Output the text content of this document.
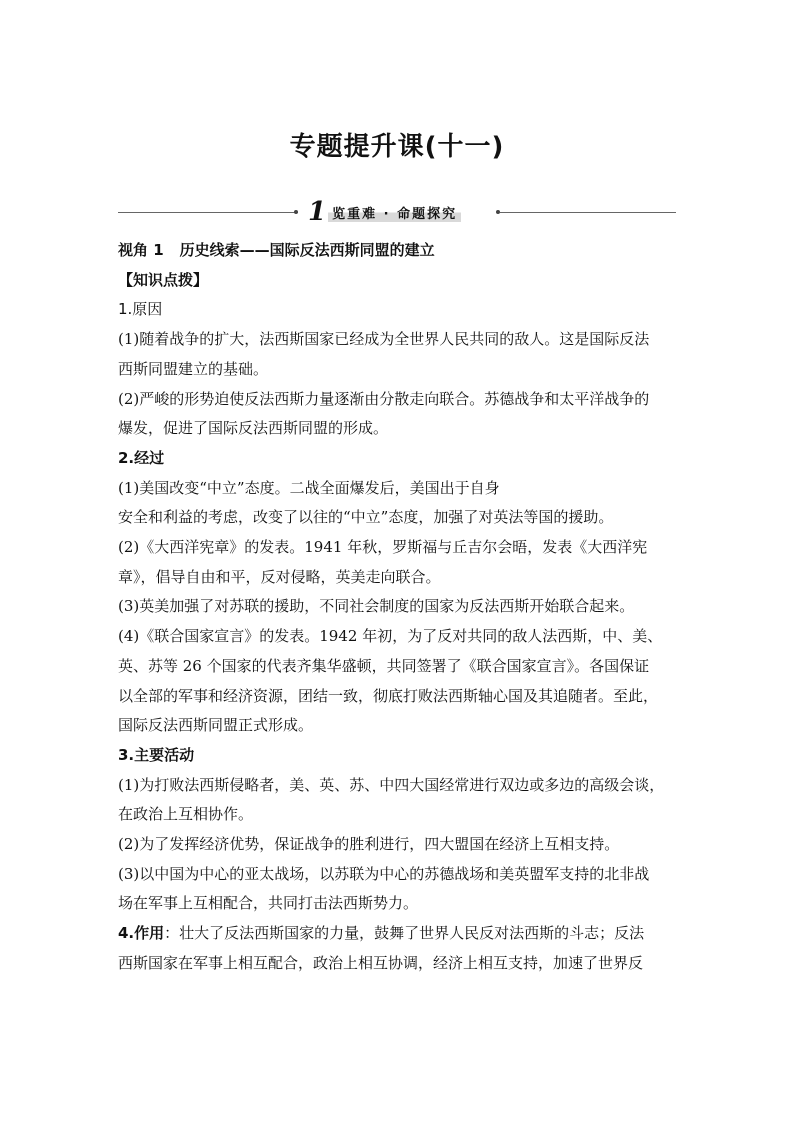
专题提升课(十一)
1 览重难 · 命题探究

视角 1 历史线索——国际反法西斯同盟的建立

【知识点拨】

1.原因

(1)随着战争的扩大，法西斯国家已经成为全世界人民共同的敌人。这是国际反法

西斯同盟建立的基础。

(2)严峻的形势迫使反法西斯力量逐渐由分散走向联合。苏德战争和太平洋战争的

爆发，促进了国际反法西斯同盟的形成。

2.经过

(1)美国改变“中立”态度。二战全面爆发后，美国出于自身

安全和利益的考虑，改变了以往的“中立”态度，加强了对英法等国的援助。

(2)《大西洋宪章》的发表。1941 年秋，罗斯福与丘吉尔会晤，发表《大西洋宪

章》，倡导自由和平，反对侵略，英美走向联合。

(3)英美加强了对苏联的援助，不同社会制度的国家为反法西斯开始联合起来。

(4)《联合国家宣言》的发表。1942 年初，为了反对共同的敌人法西斯，中、美、

英、苏等 26 个国家的代表齐集华盛顿，共同签署了《联合国家宣言》。各国保证

以全部的军事和经济资源，团结一致，彻底打败法西斯轴心国及其追随者。至此，

国际反法西斯同盟正式形成。

3.主要活动

(1)为打败法西斯侵略者，美、英、苏、中四大国经常进行双边或多边的高级会谈，

在政治上互相协作。

(2)为了发挥经济优势，保证战争的胜利进行，四大盟国在经济上互相支持。

(3)以中国为中心的亚太战场，以苏联为中心的苏德战场和美英盟军支持的北非战

场在军事上互相配合，共同打击法西斯势力。

4.作用：壮大了反法西斯国家的力量，鼓舞了世界人民反对法西斯的斗志；反法

西斯国家在军事上相互配合，政治上相互协调，经济上相互支持，加速了世界反
